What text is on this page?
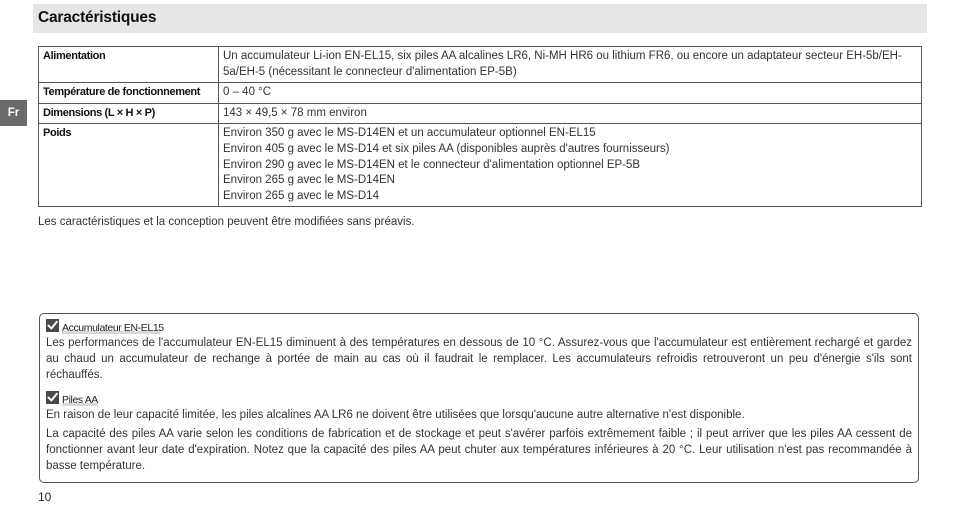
Caractéristiques
Fr
Alimentation	Un accumulateur Li-ion EN-EL15, six piles AA alcalines LR6, Ni-MH HR6 ou lithium FR6, ou encore un adaptateur secteur EH-5b/EH-5a/EH-5 (nécessitant le connecteur d'alimentation EP-5B)

Température de fonctionnement	0 – 40 °C

Dimensions (L × H × P)	143 × 49,5 × 78 mm environ

Poids	Environ 350 g avec le MS-D14EN et un accumulateur optionnel EN-EL15
Environ 405 g avec le MS-D14 et six piles AA (disponibles auprès d'autres fournisseurs)
Environ 290 g avec le MS-D14EN et le connecteur d'alimentation optionnel EP-5B
Environ 265 g avec le MS-D14EN
Environ 265 g avec le MS-D14

Les caractéristiques et la conception peuvent être modifiées sans préavis.

Accumulateur EN-EL15

Les performances de l'accumulateur EN-EL15 diminuent à des températures en dessous de 10 °C. Assurez-vous que l'accumulateur est entièrement rechargé et gardez au chaud un accumulateur de rechange à portée de main au cas où il faudrait le remplacer. Les accumulateurs refroidis retrouveront un peu d'énergie s'ils sont réchauffés.

Piles AA

En raison de leur capacité limitée, les piles alcalines AA LR6 ne doivent être utilisées que lorsqu'aucune autre alternative n'est disponible.

La capacité des piles AA varie selon les conditions de fabrication et de stockage et peut s'avérer parfois extrêmement faible ; il peut arriver que les piles AA cessent de fonctionner avant leur date d'expiration. Notez que la capacité des piles AA peut chuter aux températures inférieures à 20 °C. Leur utilisation n'est pas recommandée à basse température.

10
